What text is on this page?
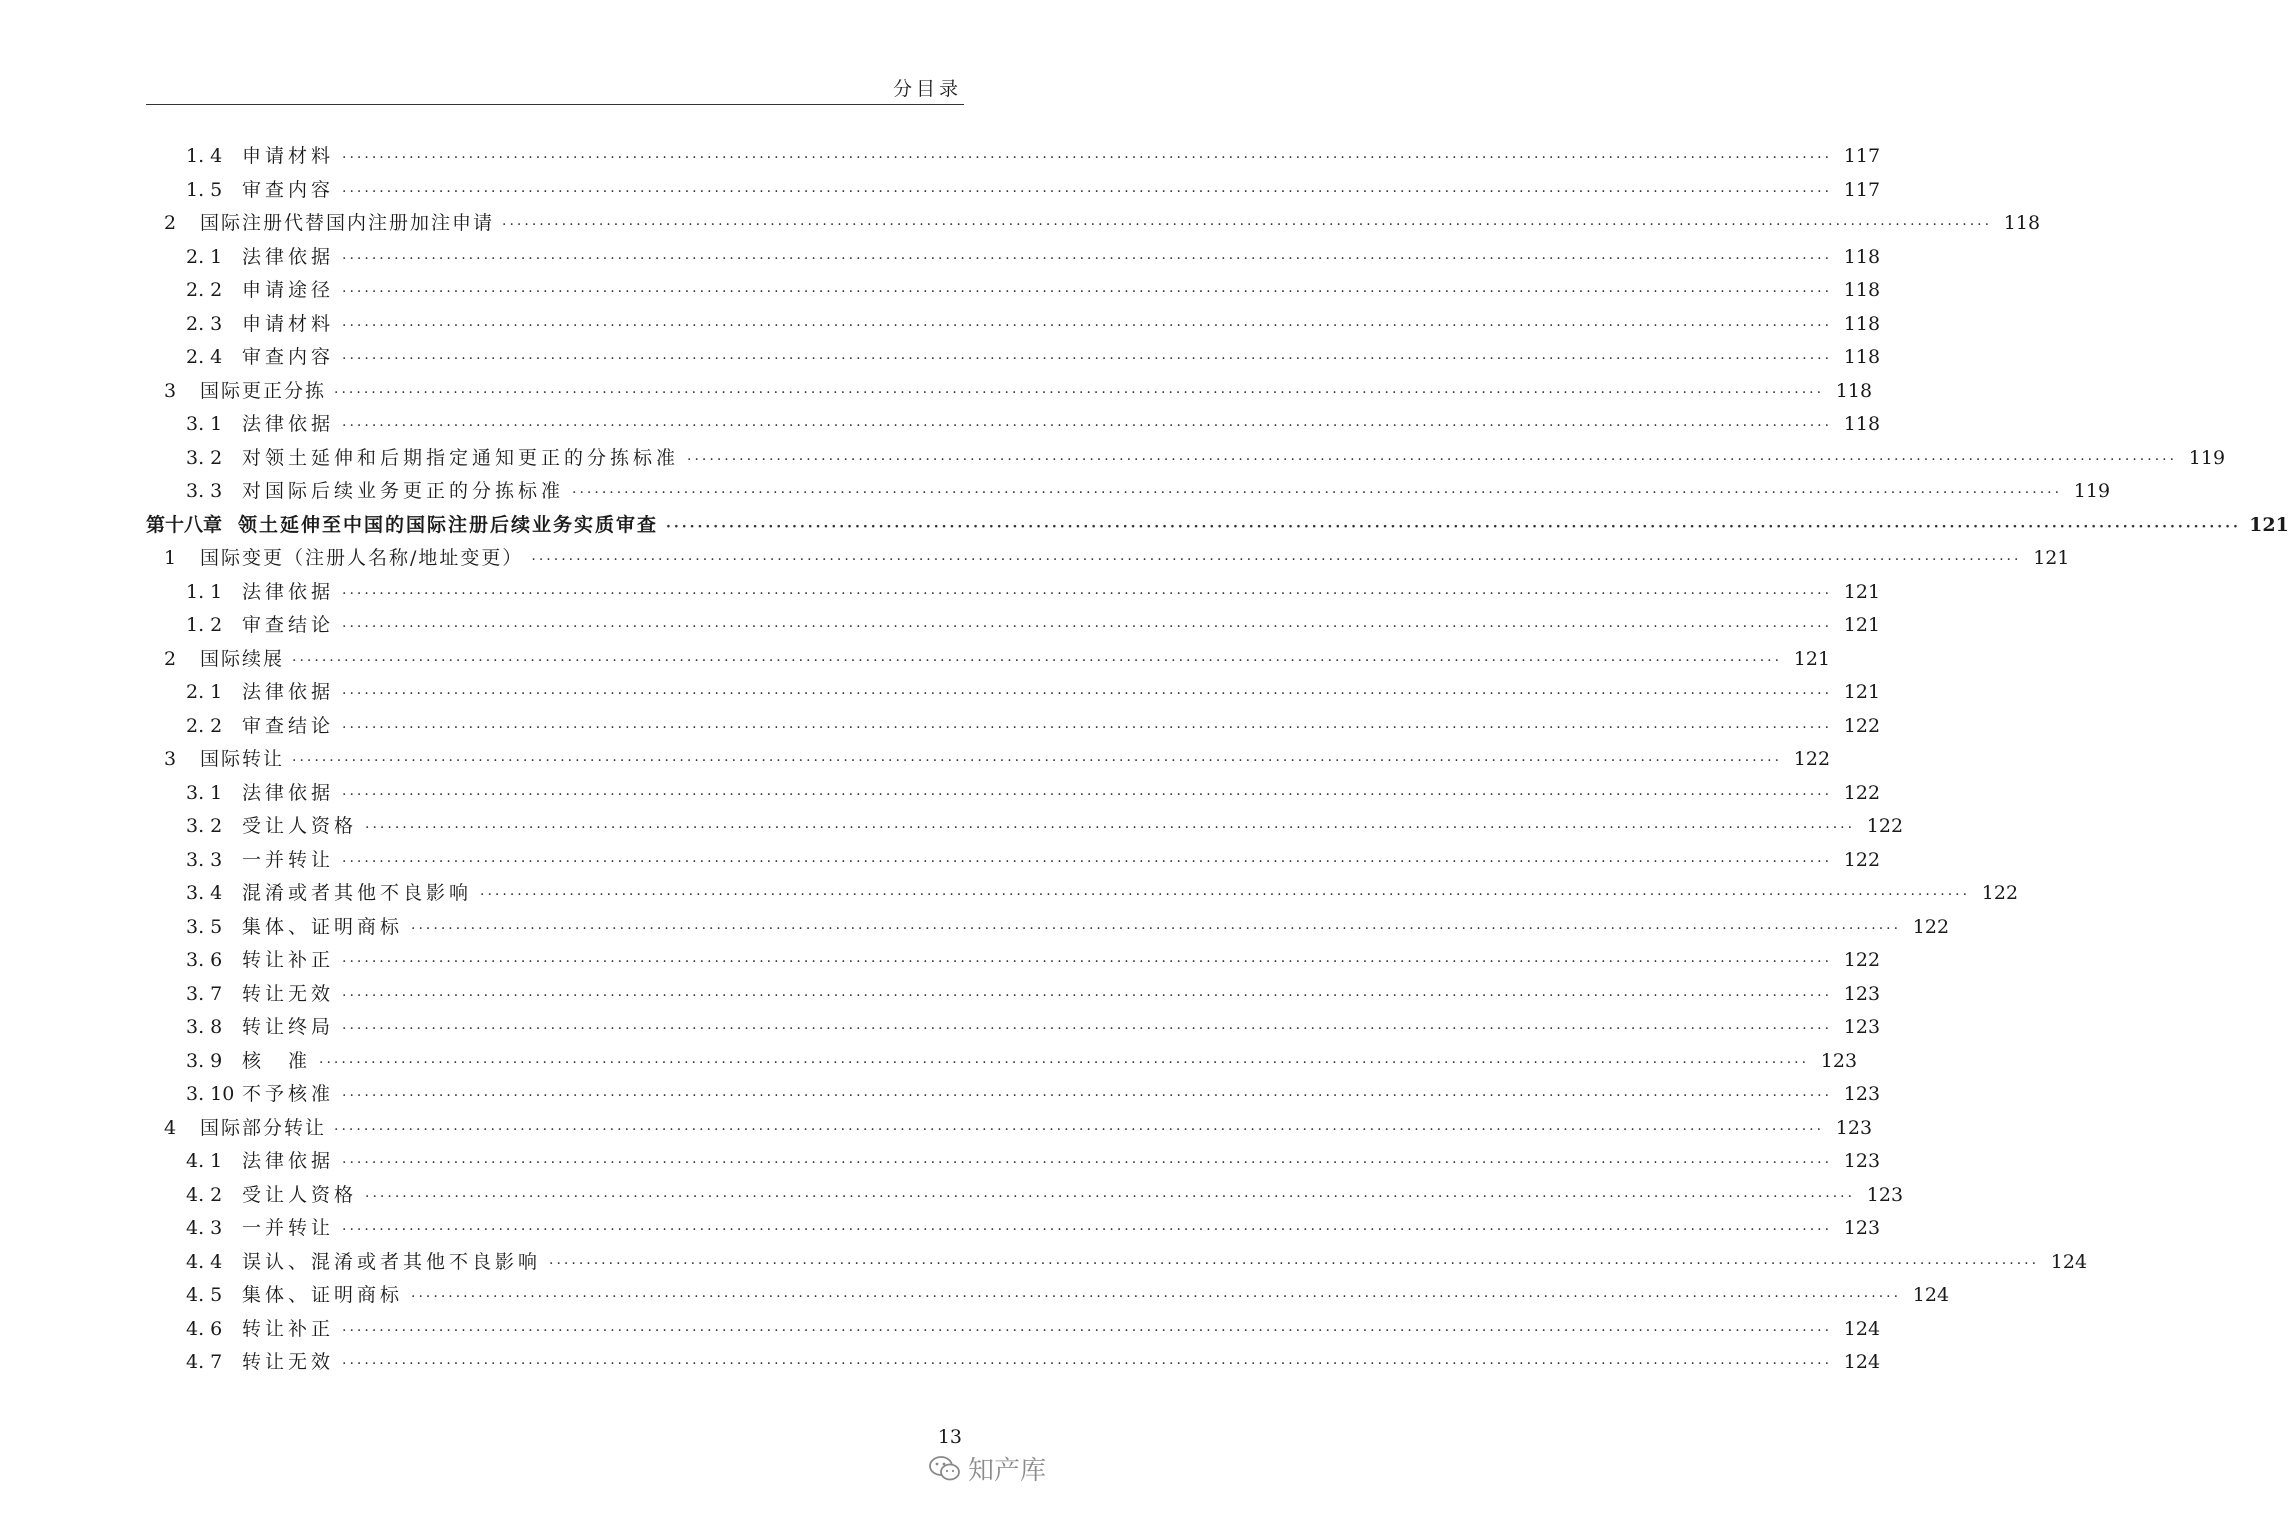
分目录
1. 4	申请材料 ········································································································································································································ 117
1. 5	审查内容 ········································································································································································································ 117
2	国际注册代替国内注册加注申请 ········································································································································································································ 118
2. 1	法律依据 ········································································································································································································ 118
2. 2	申请途径 ········································································································································································································ 118
2. 3	申请材料 ········································································································································································································ 118
2. 4	审查内容 ········································································································································································································ 118
3	国际更正分拣 ········································································································································································································ 118
3. 1	法律依据 ········································································································································································································ 118
3. 2	对领土延伸和后期指定通知更正的分拣标准 ········································································································································································································ 119
3. 3	对国际后续业务更正的分拣标准 ········································································································································································································ 119
第十八章 领土延伸至中国的国际注册后续业务实质审查 ········································································································································································································ 121
1	国际变更（注册人名称/地址变更） ········································································································································································································ 121
1. 1	法律依据 ········································································································································································································ 121
1. 2	审查结论 ········································································································································································································ 121
2	国际续展 ········································································································································································································ 121
2. 1	法律依据 ········································································································································································································ 121
2. 2	审查结论 ········································································································································································································ 122
3	国际转让 ········································································································································································································ 122
3. 1	法律依据 ········································································································································································································ 122
3. 2	受让人资格 ········································································································································································································ 122
3. 3	一并转让 ········································································································································································································ 122
3. 4	混淆或者其他不良影响 ········································································································································································································ 122
3. 5	集体、证明商标 ········································································································································································································ 122
3. 6	转让补正 ········································································································································································································ 122
3. 7	转让无效 ········································································································································································································ 123
3. 8	转让终局 ········································································································································································································ 123
3. 9	核　准 ········································································································································································································ 123
3. 10 不予核准 ········································································································································································································ 123
4	国际部分转让 ········································································································································································································ 123
4. 1	法律依据 ········································································································································································································ 123
4. 2	受让人资格 ········································································································································································································ 123
4. 3	一并转让 ········································································································································································································ 123
4. 4	误认、混淆或者其他不良影响 ········································································································································································································ 124
4. 5	集体、证明商标 ········································································································································································································ 124
4. 6	转让补正 ········································································································································································································ 124
4. 7	转让无效 ········································································································································································································ 124
13
知产库
